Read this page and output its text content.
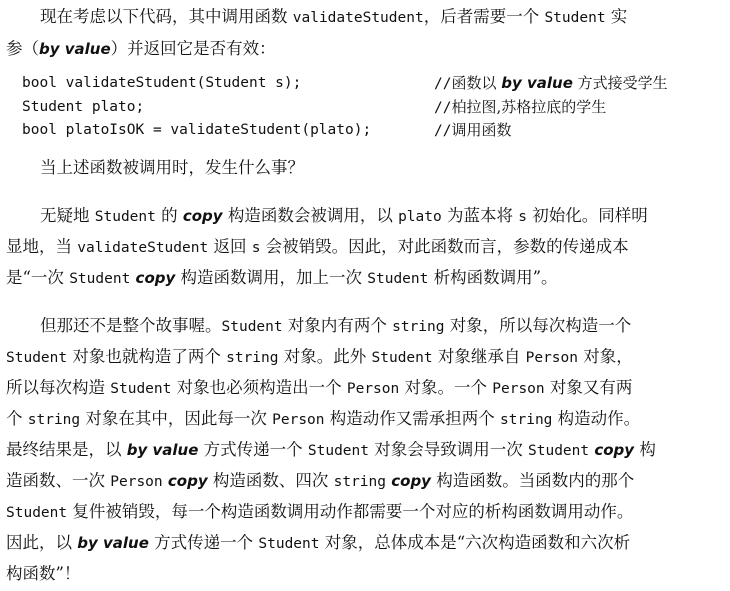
现在考虑以下代码，其中调用函数 validateStudent，后者需要一个 Student 实
参（by value）并返回它是否有效：
bool validateStudent(Student s);	//函数以 by value 方式接受学生
Student plato;	//柏拉图,苏格拉底的学生
bool platoIsOK = validateStudent(plato);	//调用函数
当上述函数被调用时，发生什么事？
无疑地 Student 的 copy 构造函数会被调用，以 plato 为蓝本将 s 初始化。同样明
显地，当 validateStudent 返回 s 会被销毁。因此，对此函数而言，参数的传递成本
是“一次 Student copy 构造函数调用，加上一次 Student 析构函数调用”。
但那还不是整个故事喔。Student 对象内有两个 string 对象，所以每次构造一个
Student 对象也就构造了两个 string 对象。此外 Student 对象继承自 Person 对象，
所以每次构造 Student 对象也必须构造出一个 Person 对象。一个 Person 对象又有两
个 string 对象在其中，因此每一次 Person 构造动作又需承担两个 string 构造动作。
最终结果是，以 by value 方式传递一个 Student 对象会导致调用一次 Student copy 构
造函数、一次 Person copy 构造函数、四次 string copy 构造函数。当函数内的那个
Student 复件被销毁，每一个构造函数调用动作都需要一个对应的析构函数调用动作。
因此，以 by value 方式传递一个 Student 对象，总体成本是“六次构造函数和六次析
构函数”！
